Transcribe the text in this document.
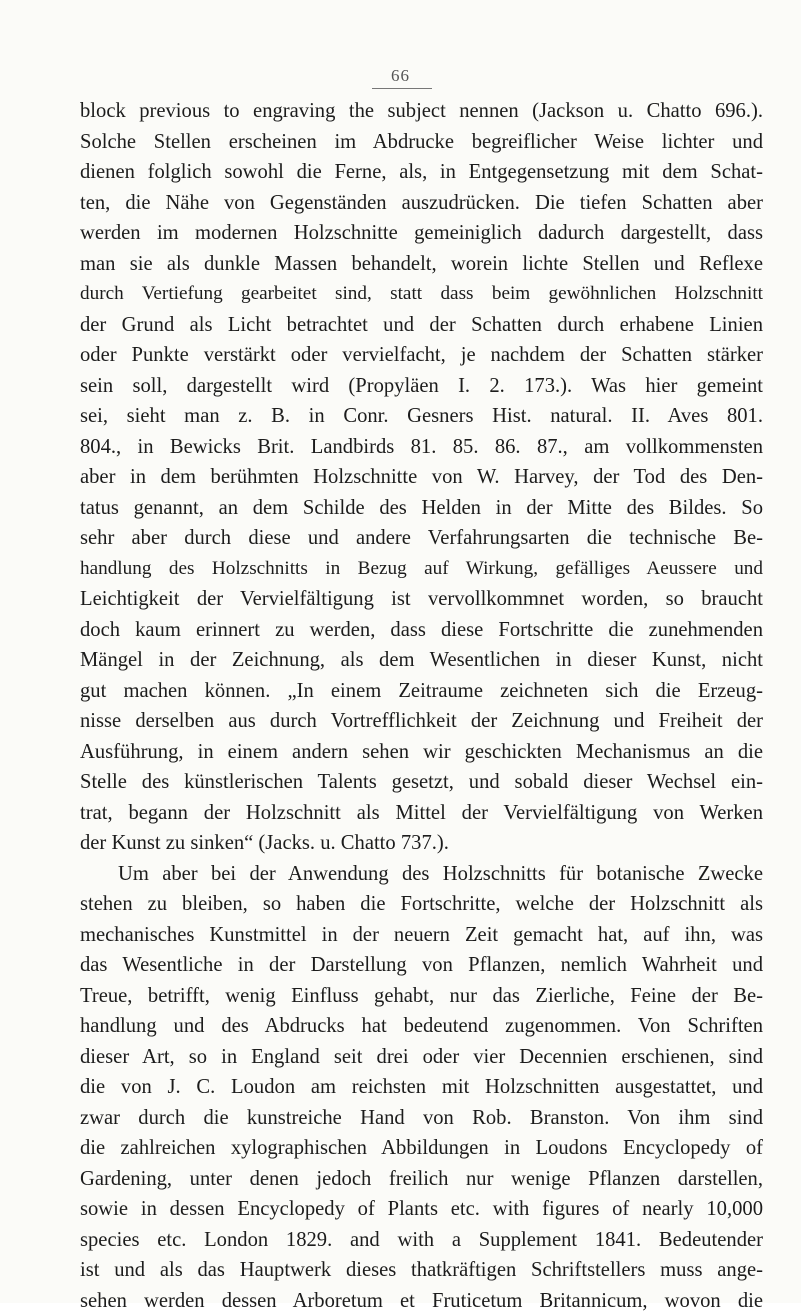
66
block previous to engraving the subject nennen (Jackson u. Chatto 696.).
Solche Stellen erscheinen im Abdrucke begreiflicher Weise lichter und
dienen folglich sowohl die Ferne, als, in Entgegensetzung mit dem Schat-
ten, die Nähe von Gegenständen auszudrücken. Die tiefen Schatten aber
werden im modernen Holzschnitte gemeiniglich dadurch dargestellt, dass
man sie als dunkle Massen behandelt, worein lichte Stellen und Reflexe
durch Vertiefung gearbeitet sind, statt dass beim gewöhnlichen Holzschnitt
der Grund als Licht betrachtet und der Schatten durch erhabene Linien
oder Punkte verstärkt oder vervielfacht, je nachdem der Schatten stärker
sein soll, dargestellt wird (Propyläen I. 2. 173.). Was hier gemeint
sei, sieht man z. B. in Conr. Gesners Hist. natural. II. Aves 801.
804., in Bewicks Brit. Landbirds 81. 85. 86. 87., am vollkommensten
aber in dem berühmten Holzschnitte von W. Harvey, der Tod des Den-
tatus genannt, an dem Schilde des Helden in der Mitte des Bildes. So
sehr aber durch diese und andere Verfahrungsarten die technische Be-
handlung des Holzschnitts in Bezug auf Wirkung, gefälliges Aeussere und
Leichtigkeit der Vervielfältigung ist vervollkommnet worden, so braucht
doch kaum erinnert zu werden, dass diese Fortschritte die zunehmenden
Mängel in der Zeichnung, als dem Wesentlichen in dieser Kunst, nicht
gut machen können. „In einem Zeitraume zeichneten sich die Erzeug-
nisse derselben aus durch Vortrefflichkeit der Zeichnung und Freiheit der
Ausführung, in einem andern sehen wir geschickten Mechanismus an die
Stelle des künstlerischen Talents gesetzt, und sobald dieser Wechsel ein-
trat, begann der Holzschnitt als Mittel der Vervielfältigung von Werken
der Kunst zu sinken“ (Jacks. u. Chatto 737.).
Um aber bei der Anwendung des Holzschnitts für botanische Zwecke
stehen zu bleiben, so haben die Fortschritte, welche der Holzschnitt als
mechanisches Kunstmittel in der neuern Zeit gemacht hat, auf ihn, was
das Wesentliche in der Darstellung von Pflanzen, nemlich Wahrheit und
Treue, betrifft, wenig Einfluss gehabt, nur das Zierliche, Feine der Be-
handlung und des Abdrucks hat bedeutend zugenommen. Von Schriften
dieser Art, so in England seit drei oder vier Decennien erschienen, sind
die von J. C. Loudon am reichsten mit Holzschnitten ausgestattet, und
zwar durch die kunstreiche Hand von Rob. Branston. Von ihm sind
die zahlreichen xylographischen Abbildungen in Loudons Encyclopedy of
Gardening, unter denen jedoch freilich nur wenige Pflanzen darstellen,
sowie in dessen Encyclopedy of Plants etc. with figures of nearly 10,000
species etc. London 1829. and with a Supplement 1841. Bedeutender
ist und als das Hauptwerk dieses thatkräftigen Schriftstellers muss ange-
sehen werden dessen Arboretum et Fruticetum Britannicum, wovon die
